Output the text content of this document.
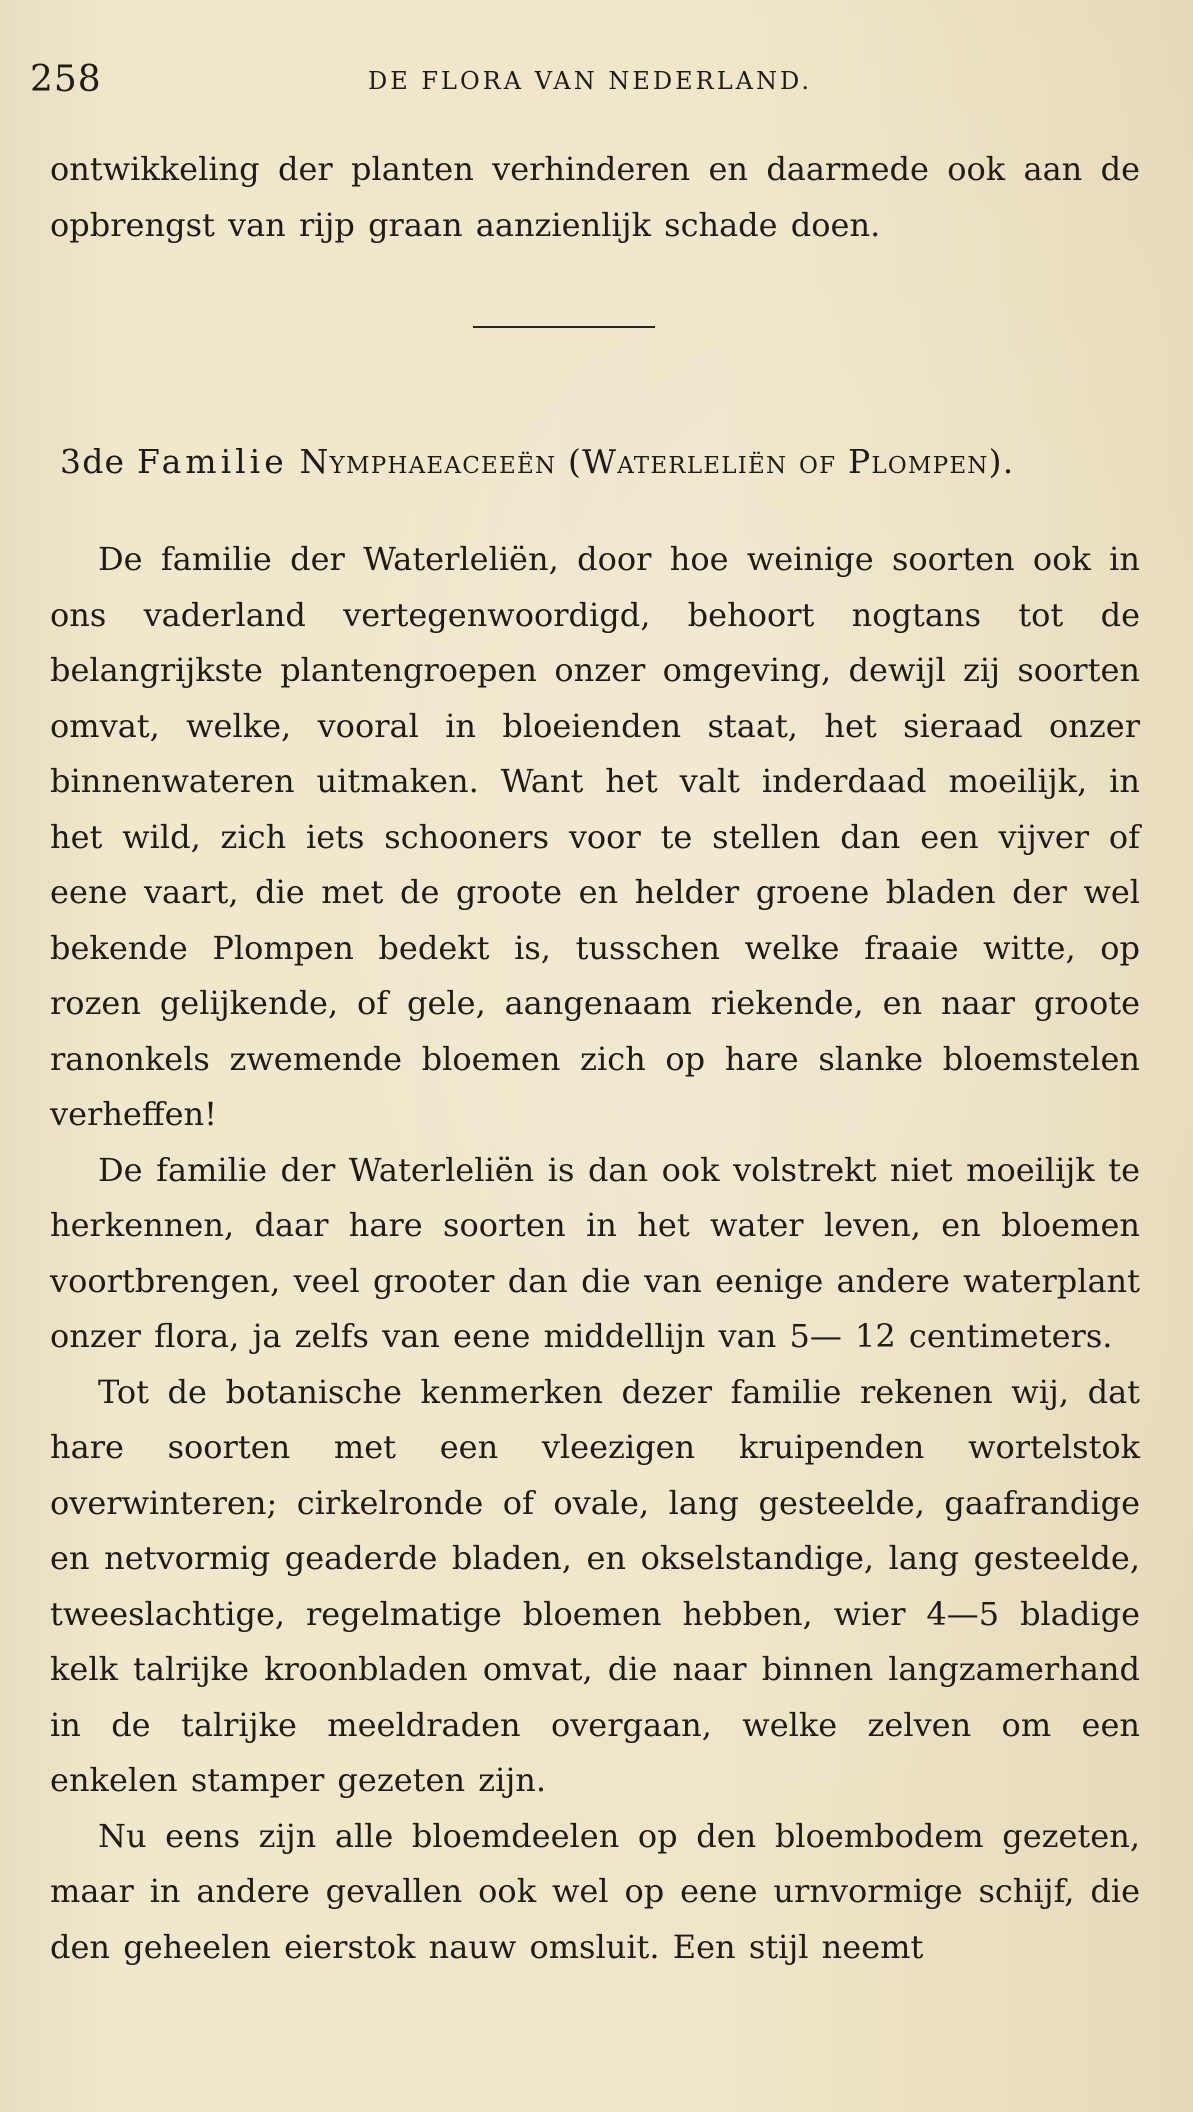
258	DE FLORA VAN NEDERLAND.

ontwikkeling der planten verhinderen en daarmede ook aan de opbrengst van rijp graan aanzienlijk schade doen.

3de Familie Nymphaeaceeën (Waterleliën of Plompen).

De familie der Waterleliën, door hoe weinige soorten ook in ons vaderland vertegenwoordigd, behoort nogtans tot de belangrijkste plantengroepen onzer omgeving, dewijl zij soorten omvat, welke, vooral in bloeienden staat, het sieraad onzer binnenwateren uitmaken. Want het valt inderdaad moeilijk, in het wild, zich iets schooners voor te stellen dan een vijver of eene vaart, die met de groote en helder groene bladen der wel bekende Plompen bedekt is, tusschen welke fraaie witte, op rozen gelijkende, of gele, aangenaam riekende, en naar groote ranonkels zwemende bloemen zich op hare slanke bloemstelen verheffen!

De familie der Waterleliën is dan ook volstrekt niet moeilijk te herkennen, daar hare soorten in het water leven, en bloemen voortbrengen, veel grooter dan die van eenige andere waterplant onzer flora, ja zelfs van eene middellijn van 5— 12 centimeters.

Tot de botanische kenmerken dezer familie rekenen wij, dat hare soorten met een vleezigen kruipenden wortelstok overwinteren; cirkelronde of ovale, lang gesteelde, gaafrandige en netvormig geaderde bladen, en okselstandige, lang gesteelde, tweeslachtige, regelmatige bloemen hebben, wier 4—5 bladige kelk talrijke kroonbladen omvat, die naar binnen langzamerhand in de talrijke meeldraden overgaan, welke zelven om een enkelen stamper gezeten zijn.

Nu eens zijn alle bloemdeelen op den bloembodem gezeten, maar in andere gevallen ook wel op eene urnvormige schijf, die den geheelen eierstok nauw omsluit. Een stijl neemt
